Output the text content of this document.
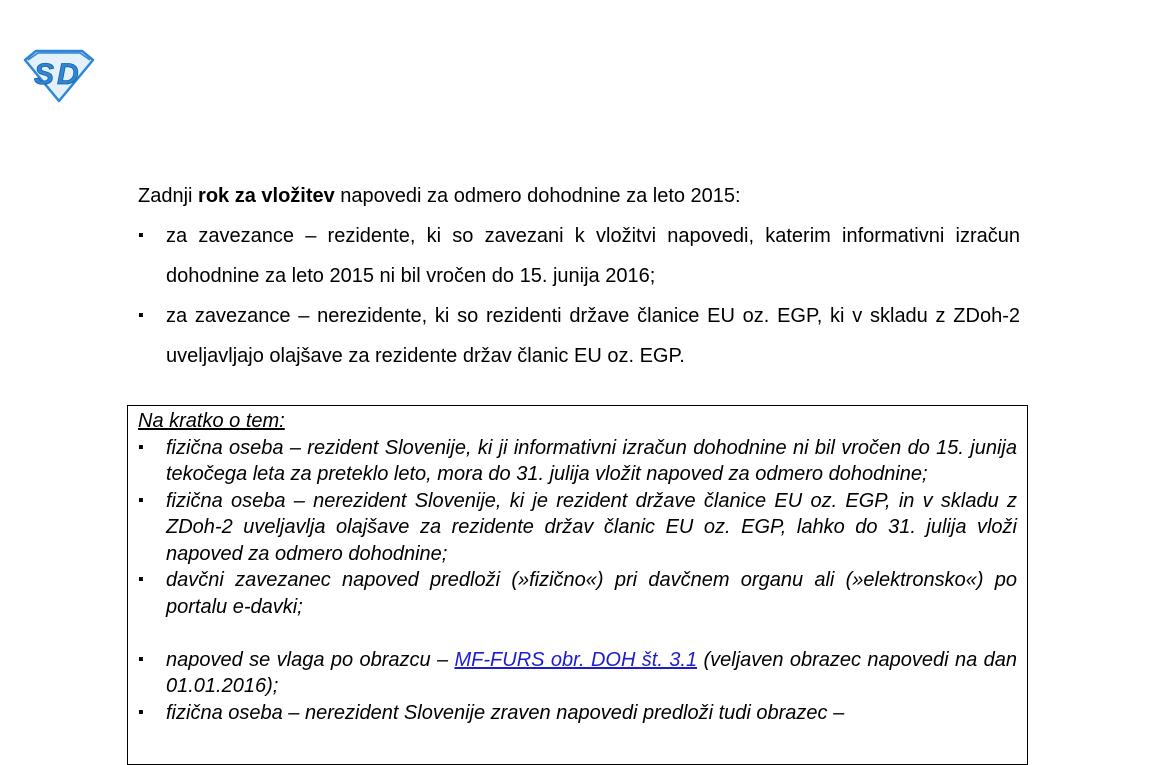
S D

Zadnji rok za vložitev napovedi za odmero dohodnine za leto 2015:

▪ za zavezance – rezidente, ki so zavezani k vložitvi napovedi, katerim informativni izračun dohodnine za leto 2015 ni bil vročen do 15. junija 2016;
▪ za zavezance – nerezidente, ki so rezidenti države članice EU oz. EGP, ki v skladu z ZDoh-2 uveljavljajo olajšave za rezidente držav članic EU oz. EGP.

Na kratko o tem:

▪ fizična oseba – rezident Slovenije, ki ji informativni izračun dohodnine ni bil vročen do 15. junija tekočega leta za preteklo leto, mora do 31. julija vložit napoved za odmero dohodnine;
▪ fizična oseba – nerezident Slovenije, ki je rezident države članice EU oz. EGP, in v skladu z ZDoh-2 uveljavlja olajšave za rezidente držav članic EU oz. EGP, lahko do 31. julija vloži napoved za odmero dohodnine;
▪ davčni zavezanec napoved predloži (»fizično«) pri davčnem organu ali (»elektronsko«) po portalu e-davki;
▪ napoved se vlaga po obrazcu – MF-FURS obr. DOH št. 3.1 (veljaven obrazec napovedi na dan 01.01.2016);
▪ fizična oseba – nerezident Slovenije zraven napovedi predloži tudi obrazec –
